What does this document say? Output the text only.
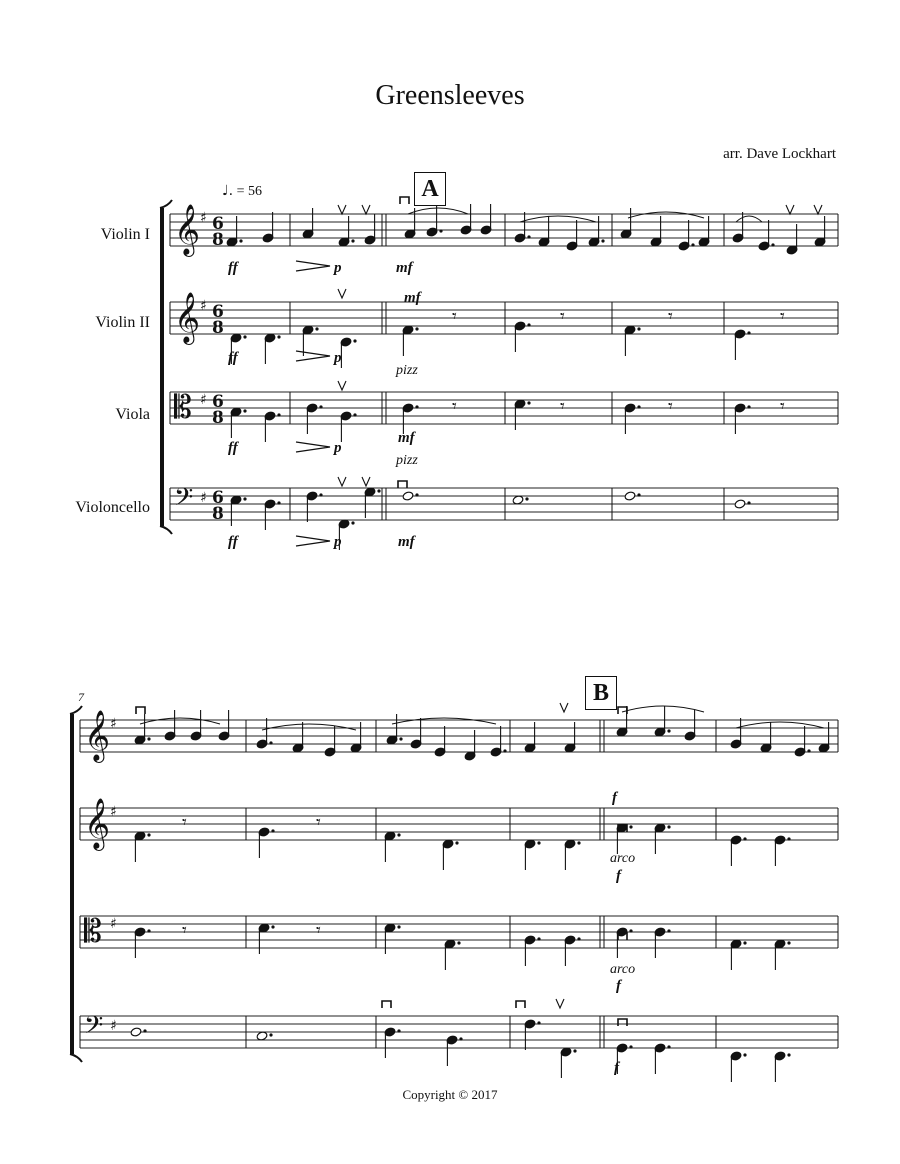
Greensleeves
arr. Dave Lockhart
Violin I
Violin II
Viola
Violoncello
♩. = 56	A
B
7
𝄞 ♯ 6
8
𝄞 ♯ 6
8
𝄡 ♯ 6
8
𝄢 ♯ 6
8
𝄞 ♯
𝄞 ♯
𝄡 ♯
𝄢 ♯
𝄾	𝄾	𝄾	𝄾
𝄾	𝄾	𝄾	𝄾
𝄾	𝄾
𝄾	𝄾
ff
ff
ff
ff
p
p
p
p
mf
mf
mf
mf
pizz
pizz
f
arco
f
arco
f
f
Copyright © 2017
